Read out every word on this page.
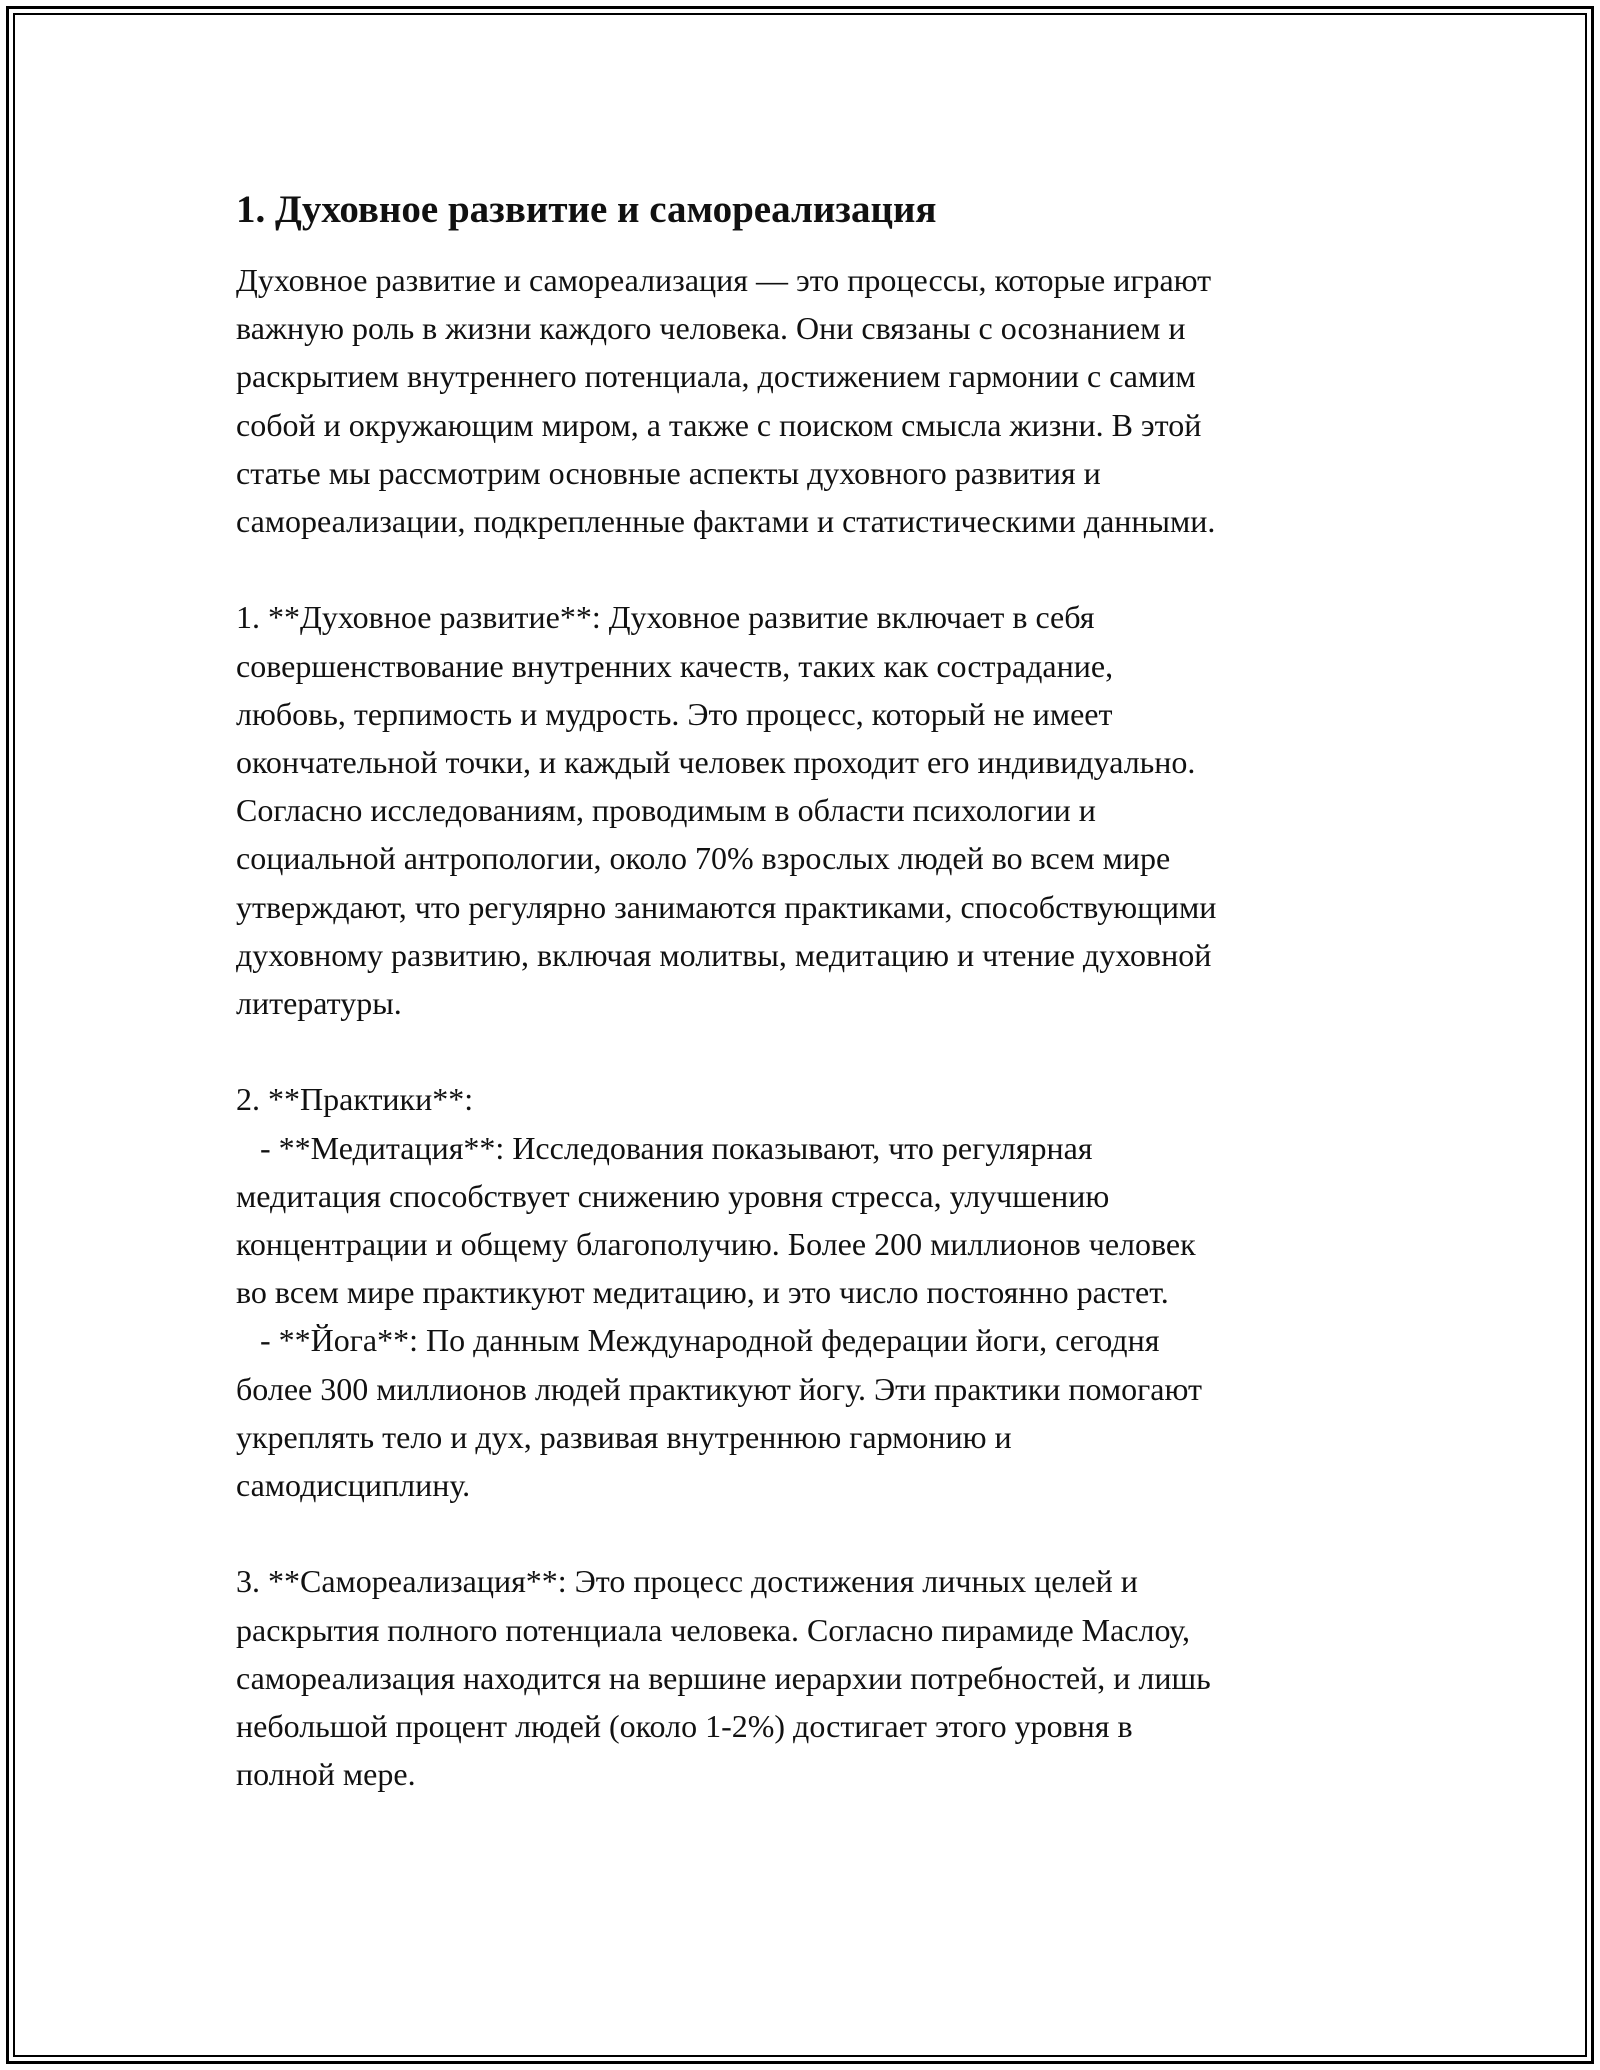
1. Духовное развитие и самореализация

Духовное развитие и самореализация — это процессы, которые играют
важную роль в жизни каждого человека. Они связаны с осознанием и
раскрытием внутреннего потенциала, достижением гармонии с самим
собой и окружающим миром, а также с поиском смысла жизни. В этой
статье мы рассмотрим основные аспекты духовного развития и
самореализации, подкрепленные фактами и статистическими данными.

1. **Духовное развитие**: Духовное развитие включает в себя
совершенствование внутренних качеств, таких как сострадание,
любовь, терпимость и мудрость. Это процесс, который не имеет
окончательной точки, и каждый человек проходит его индивидуально.
Согласно исследованиям, проводимым в области психологии и
социальной антропологии, около 70% взрослых людей во всем мире
утверждают, что регулярно занимаются практиками, способствующими
духовному развитию, включая молитвы, медитацию и чтение духовной
литературы.

2. **Практики**:
- **Медитация**: Исследования показывают, что регулярная
медитация способствует снижению уровня стресса, улучшению
концентрации и общему благополучию. Более 200 миллионов человек
во всем мире практикуют медитацию, и это число постоянно растет.
- **Йога**: По данным Международной федерации йоги, сегодня
более 300 миллионов людей практикуют йогу. Эти практики помогают
укреплять тело и дух, развивая внутреннюю гармонию и
самодисциплину.

3. **Самореализация**: Это процесс достижения личных целей и
раскрытия полного потенциала человека. Согласно пирамиде Маслоу,
самореализация находится на вершине иерархии потребностей, и лишь
небольшой процент людей (около 1-2%) достигает этого уровня в
полной мере.
